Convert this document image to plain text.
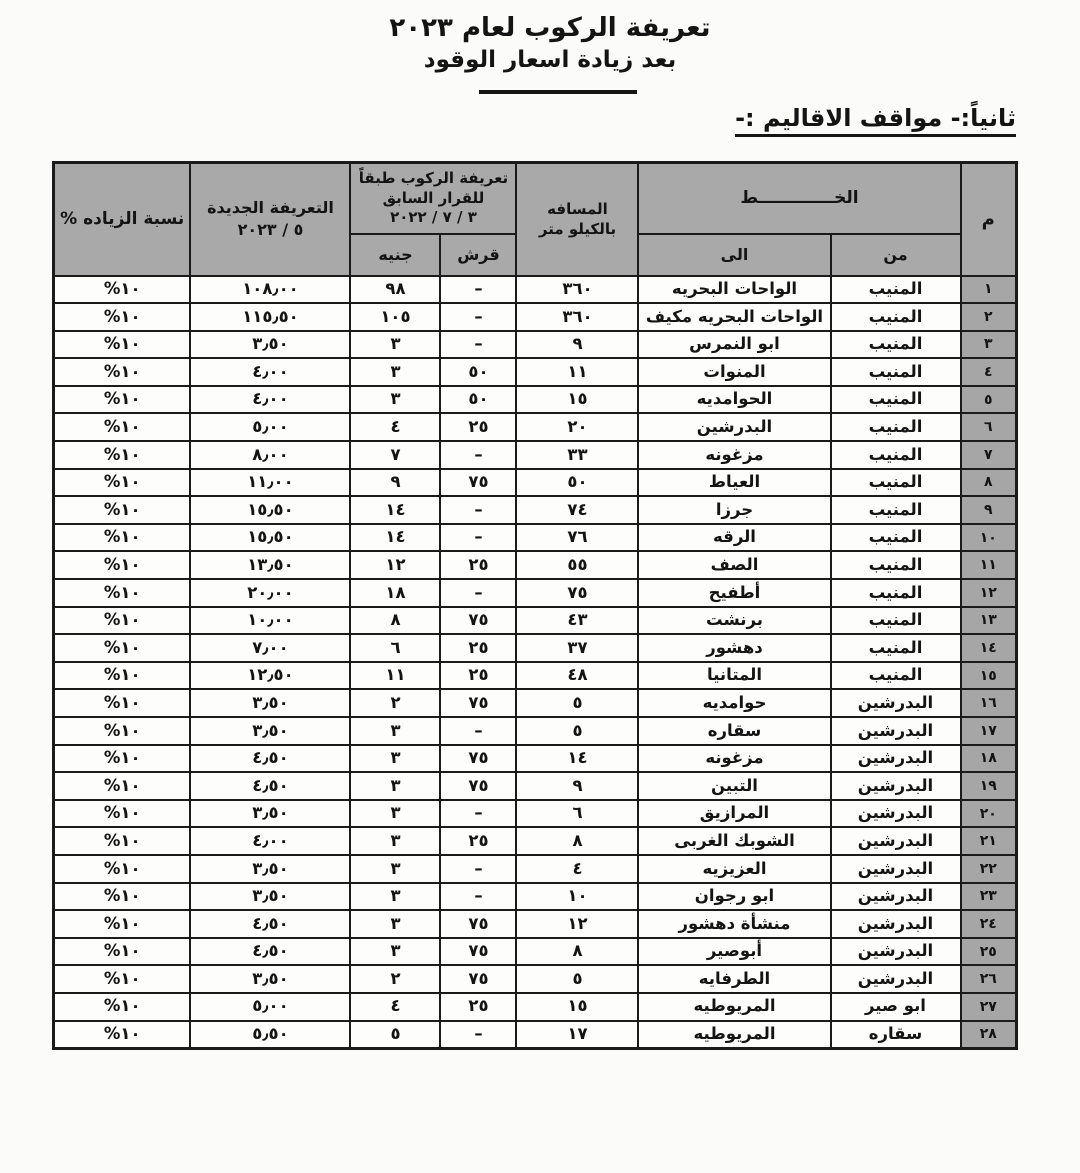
تعريفة الركوب لعام ٢٠٢٣
بعد زيادة اسعار الوقود
ثانياً:- مواقف الاقاليم :-
م	الخـــــــــــــط	
المسافه
بالكيلو متر

تعريفة الركوب طبقاً
للقرار السابق
٣ / ٧ / ٢٠٢٢

التعريفة الجديدة
٥ / ٢٠٢٣
	نسبة الزياده %
	من	الى		قرش	جنيه		
١	المنيب	الواحات البحريه	٣٦٠	–	٩٨	١٠٨٫٠٠	١٠%
٢	المنيب	الواحات البحريه مكيف	٣٦٠	–	١٠٥	١١٥٫٥٠	١٠%
٣	المنيب	ابو النمرس	٩	–	٣	٣٫٥٠	١٠%
٤	المنيب	المنوات	١١	٥٠	٣	٤٫٠٠	١٠%
٥	المنيب	الحوامديه	١٥	٥٠	٣	٤٫٠٠	١٠%
٦	المنيب	البدرشين	٢٠	٢٥	٤	٥٫٠٠	١٠%
٧	المنيب	مزغونه	٣٣	–	٧	٨٫٠٠	١٠%
٨	المنيب	العياط	٥٠	٧٥	٩	١١٫٠٠	١٠%
٩	المنيب	جرزا	٧٤	–	١٤	١٥٫٥٠	١٠%
١٠	المنيب	الرقه	٧٦	–	١٤	١٥٫٥٠	١٠%
١١	المنيب	الصف	٥٥	٢٥	١٢	١٣٫٥٠	١٠%
١٢	المنيب	أطفيح	٧٥	–	١٨	٢٠٫٠٠	١٠%
١٣	المنيب	برنشت	٤٣	٧٥	٨	١٠٫٠٠	١٠%
١٤	المنيب	دهشور	٣٧	٢٥	٦	٧٫٠٠	١٠%
١٥	المنيب	المتانيا	٤٨	٢٥	١١	١٢٫٥٠	١٠%
١٦	البدرشين	حوامديه	٥	٧٥	٢	٣٫٥٠	١٠%
١٧	البدرشين	سقاره	٥	–	٣	٣٫٥٠	١٠%
١٨	البدرشين	مزغونه	١٤	٧٥	٣	٤٫٥٠	١٠%
١٩	البدرشين	التبين	٩	٧٥	٣	٤٫٥٠	١٠%
٢٠	البدرشين	المرازيق	٦	–	٣	٣٫٥٠	١٠%
٢١	البدرشين	الشوبك الغربى	٨	٢٥	٣	٤٫٠٠	١٠%
٢٢	البدرشين	العزيزيه	٤	–	٣	٣٫٥٠	١٠%
٢٣	البدرشين	ابو رجوان	١٠	–	٣	٣٫٥٠	١٠%
٢٤	البدرشين	منشأة دهشور	١٢	٧٥	٣	٤٫٥٠	١٠%
٢٥	البدرشين	أبوصير	٨	٧٥	٣	٤٫٥٠	١٠%
٢٦	البدرشين	الطرفايه	٥	٧٥	٢	٣٫٥٠	١٠%
٢٧	ابو صير	المريوطيه	١٥	٢٥	٤	٥٫٠٠	١٠%
٢٨	سقاره	المريوطيه	١٧	–	٥	٥٫٥٠	١٠%
